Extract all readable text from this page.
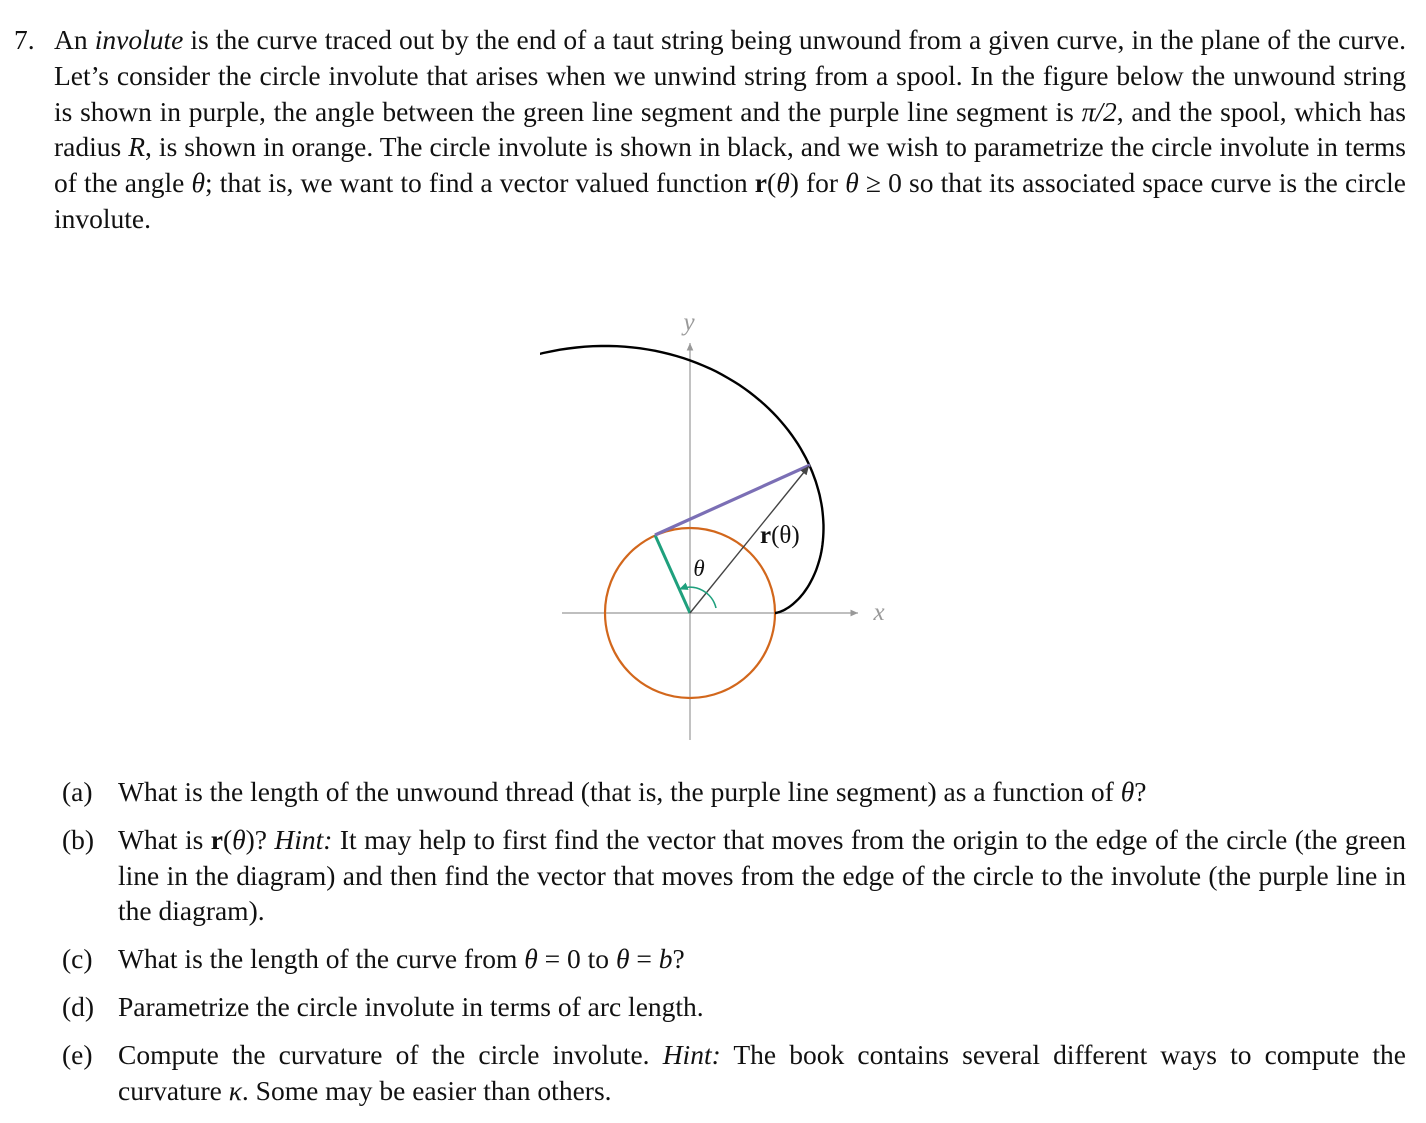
7. An involute is the curve traced out by the end of a taut string being unwound from a given curve, in the plane of the curve. Let’s consider the circle involute that arises when we unwind string from a spool. In the figure below the unwound string is shown in purple, the angle between the green line segment and the purple line segment is π/2, and the spool, which has radius R, is shown in orange. The circle involute is shown in black, and we wish to parametrize the circle involute in terms of the angle θ; that is, we want to find a vector valued function r(θ) for θ ≥ 0 so that its associated space curve is the circle involute.
y
x
θ
r(θ)
(a) What is the length of the unwound thread (that is, the purple line segment) as a function of θ?
(b) What is r(θ)? Hint: It may help to first find the vector that moves from the origin to the edge of the circle (the green line in the diagram) and then find the vector that moves from the edge of the circle to the involute (the purple line in the diagram).
(c) What is the length of the curve from θ = 0 to θ = b?
(d) Parametrize the circle involute in terms of arc length.
(e) Compute the curvature of the circle involute. Hint: The book contains several different ways to compute the curvature κ. Some may be easier than others.
